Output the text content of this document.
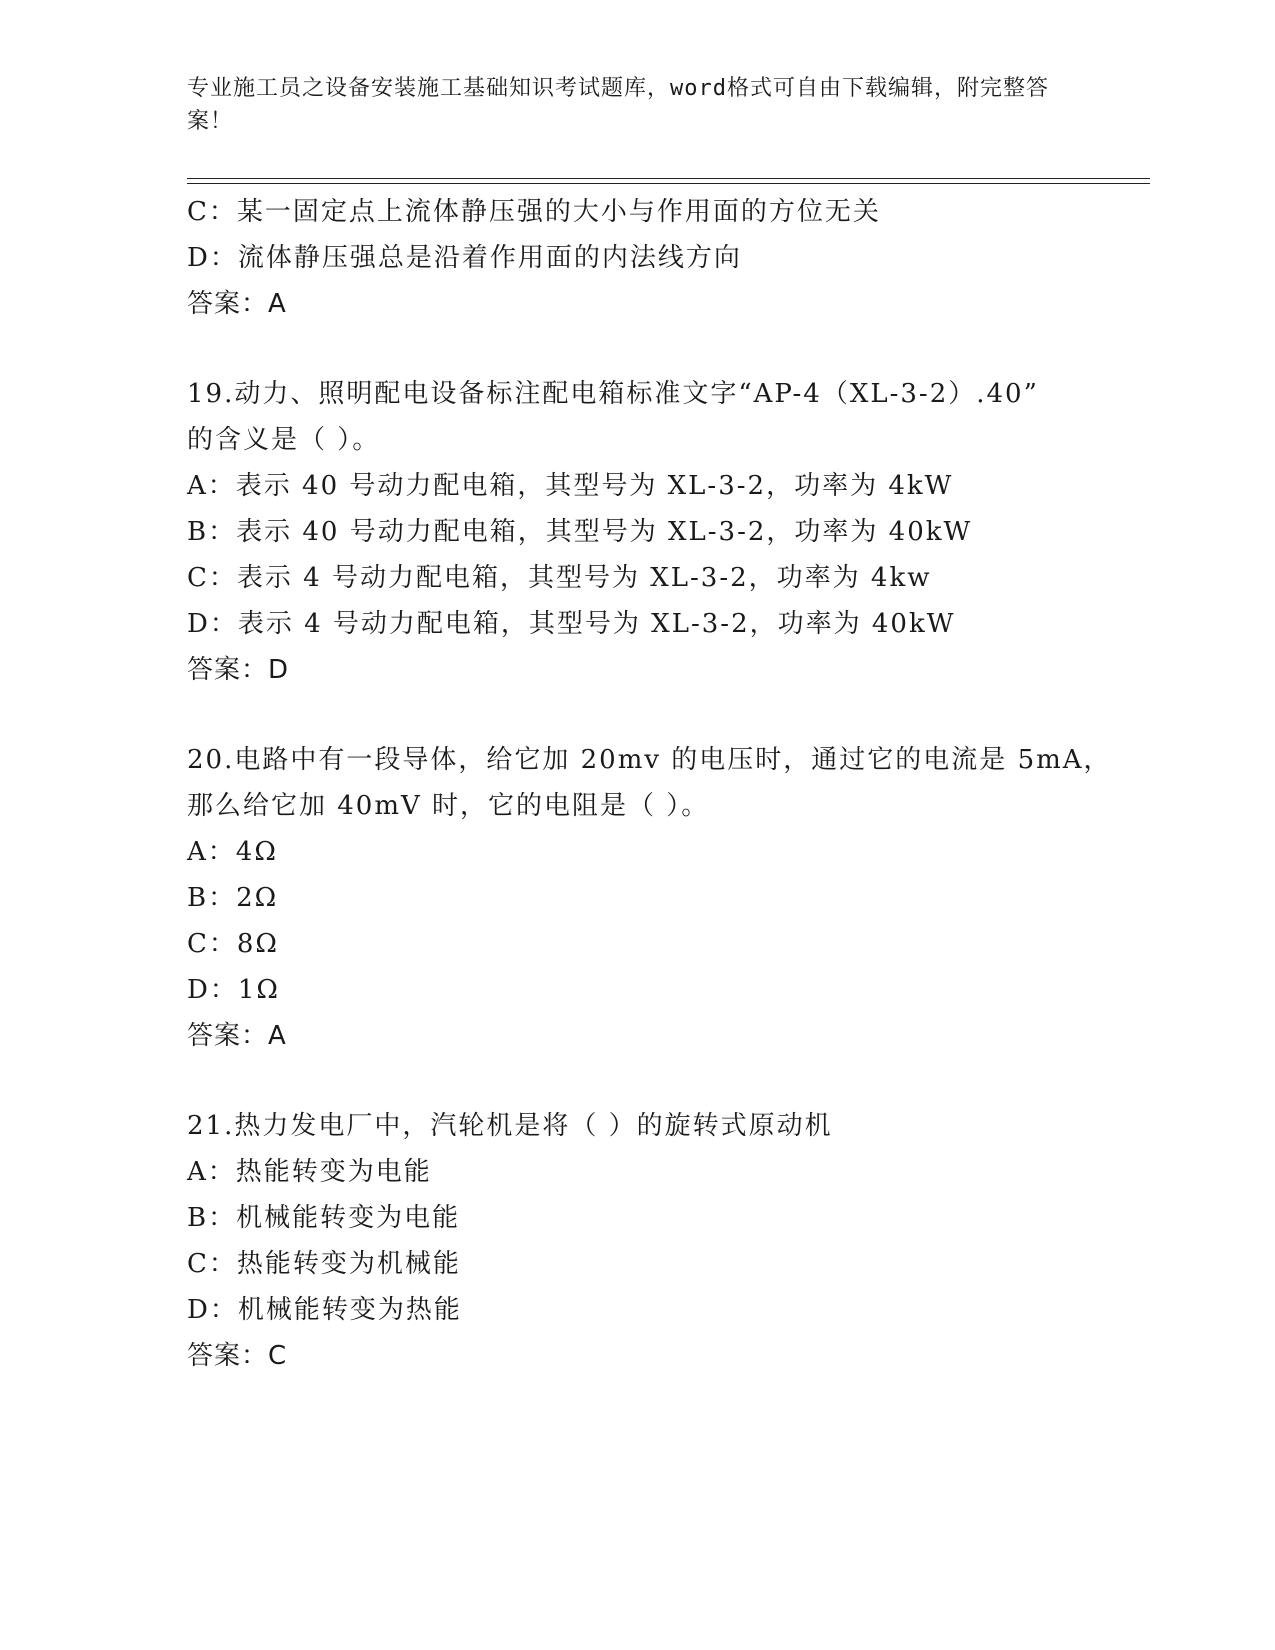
专业施工员之设备安装施工基础知识考试题库，word格式可自由下载编辑，附完整答案！
C：某一固定点上流体静压强的大小与作用面的方位无关
D：流体静压强总是沿着作用面的内法线方向
答案：A
19.动力、照明配电设备标注配电箱标准文字“AP-4（XL-3-2）.40”
的含义是（ ）。
A：表示 40 号动力配电箱，其型号为 XL-3-2，功率为 4kW
B：表示 40 号动力配电箱，其型号为 XL-3-2，功率为 40kW
C：表示 4 号动力配电箱，其型号为 XL-3-2，功率为 4kw
D：表示 4 号动力配电箱，其型号为 XL-3-2，功率为 40kW
答案：D
20.电路中有一段导体，给它加 20mv 的电压时，通过它的电流是 5mA，
那么给它加 40mV 时，它的电阻是（ ）。
A：4Ω
B：2Ω
C：8Ω
D：1Ω
答案：A
21.热力发电厂中，汽轮机是将（ ）的旋转式原动机
A：热能转变为电能
B：机械能转变为电能
C：热能转变为机械能
D：机械能转变为热能
答案：C
